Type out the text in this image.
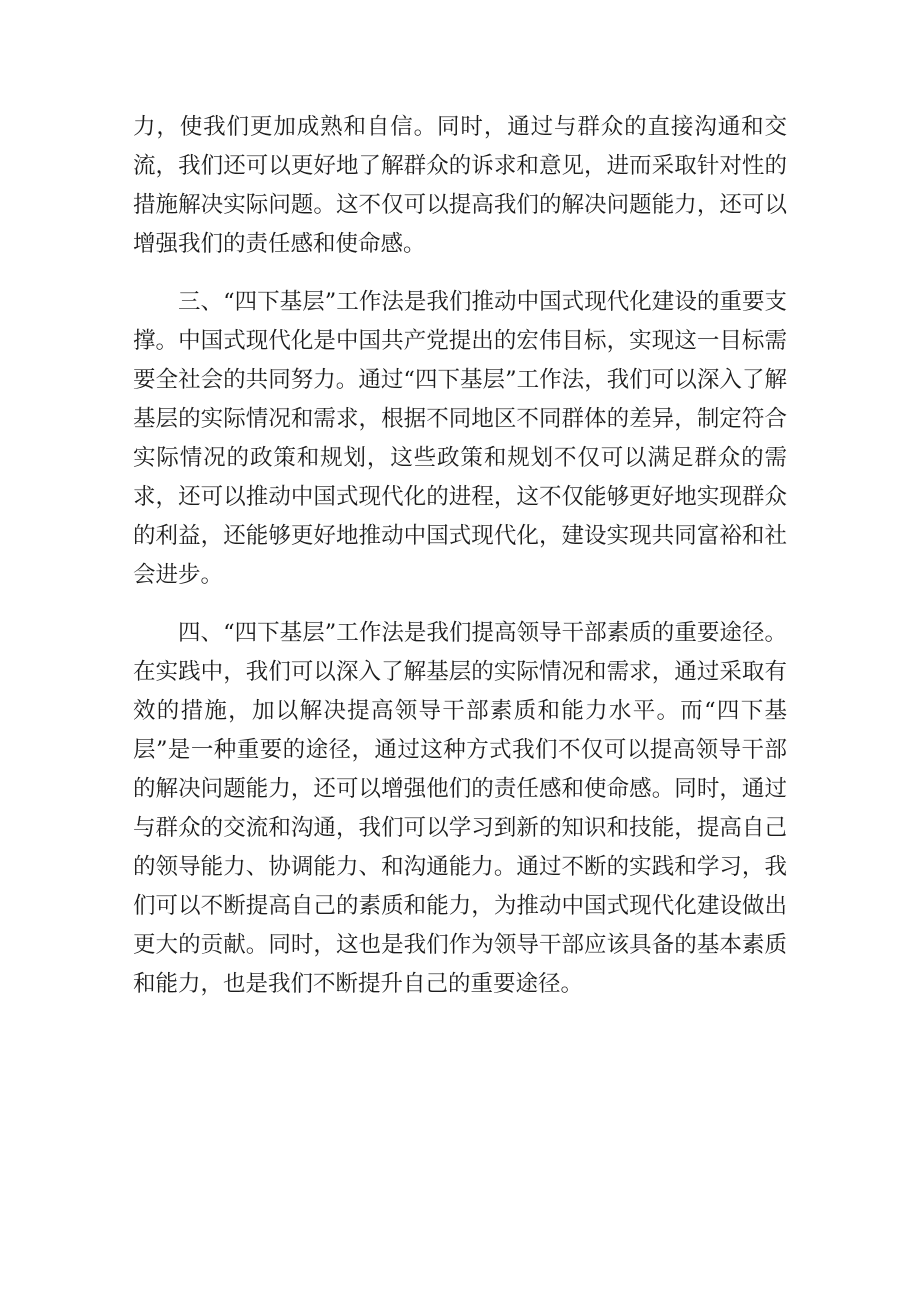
力，使我们更加成熟和自信。同时，通过与群众的直接沟通和交流，我们还可以更好地了解群众的诉求和意见，进而采取针对性的措施解决实际问题。这不仅可以提高我们的解决问题能力，还可以增强我们的责任感和使命感。

三、“四下基层”工作法是我们推动中国式现代化建设的重要支撑。中国式现代化是中国共产党提出的宏伟目标，实现这一目标需要全社会的共同努力。通过“四下基层”工作法，我们可以深入了解基层的实际情况和需求，根据不同地区不同群体的差异，制定符合实际情况的政策和规划，这些政策和规划不仅可以满足群众的需求，还可以推动中国式现代化的进程，这不仅能够更好地实现群众的利益，还能够更好地推动中国式现代化，建设实现共同富裕和社会进步。

四、“四下基层”工作法是我们提高领导干部素质的重要途径。在实践中，我们可以深入了解基层的实际情况和需求，通过采取有效的措施，加以解决提高领导干部素质和能力水平。而“四下基层”是一种重要的途径，通过这种方式我们不仅可以提高领导干部的解决问题能力，还可以增强他们的责任感和使命感。同时，通过与群众的交流和沟通，我们可以学习到新的知识和技能，提高自己的领导能力、协调能力、和沟通能力。通过不断的实践和学习，我们可以不断提高自己的素质和能力，为推动中国式现代化建设做出更大的贡献。同时，这也是我们作为领导干部应该具备的基本素质和能力，也是我们不断提升自己的重要途径。
